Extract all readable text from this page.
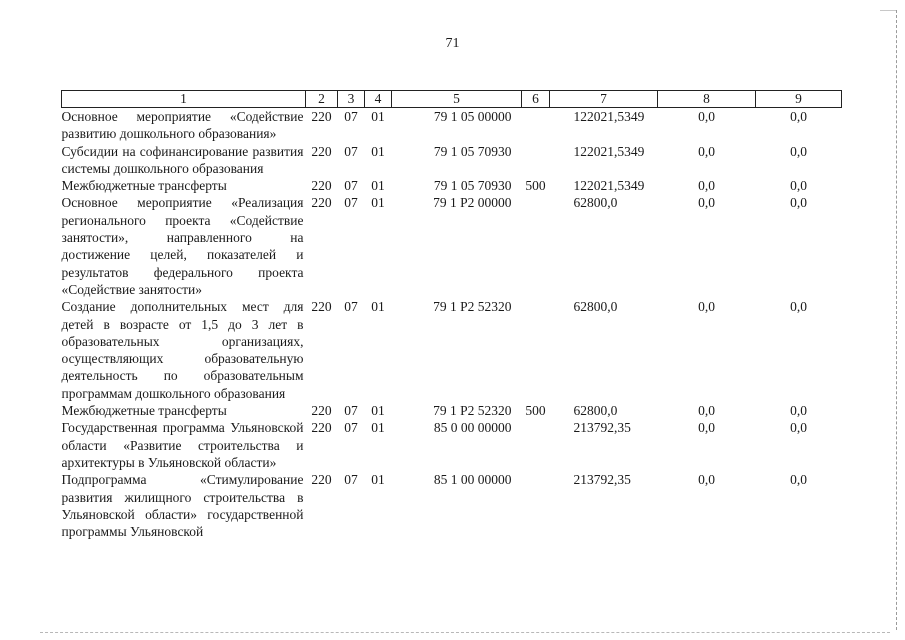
71
1	2	3	4	5	6	7	8	9
Основное мероприятие «Содействие развитию дошкольного образования»	220	07	01	79 1 05 00000		122021,5349	0,0	0,0
Субсидии на софинансирование развития системы дошкольного образования	220	07	01	79 1 05 70930		122021,5349	0,0	0,0
Межбюджетные трансферты	220	07	01	79 1 05 70930	500	122021,5349	0,0	0,0
Основное мероприятие «Реализация регионального проекта «Содействие занятости», направленного на достижение целей, показателей и результатов федерального проекта «Содействие занятости»	220	07	01	79 1 Р2 00000		62800,0	0,0	0,0
Создание дополнительных мест для детей в возрасте от 1,5 до 3 лет в образовательных организациях, осуществляющих образовательную деятельность по образовательным программам дошкольного образования	220	07	01	79 1 Р2 52320		62800,0	0,0	0,0
Межбюджетные трансферты	220	07	01	79 1 Р2 52320	500	62800,0	0,0	0,0
Государственная программа Ульяновской области «Развитие строительства и архитектуры в Ульяновской области»	220	07	01	85 0 00 00000		213792,35	0,0	0,0
Подпрограмма «Стимулирование развития жилищного строительства в Ульяновской области» государственной программы Ульяновской	220	07	01	85 1 00 00000		213792,35	0,0	0,0
